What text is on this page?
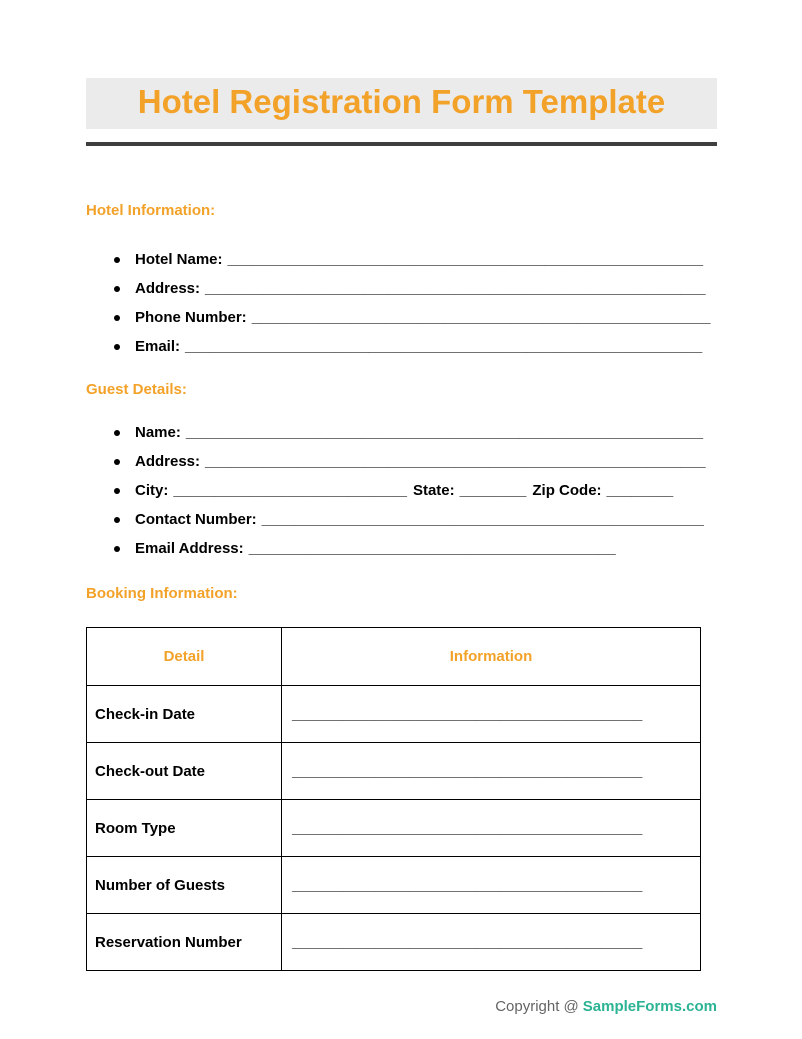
Hotel Registration Form Template
Hotel Information:
Hotel Name: _________________________________________________________
Address: ____________________________________________________________
Phone Number: _______________________________________________________
Email: ______________________________________________________________
Guest Details:
Name: ______________________________________________________________
Address: ____________________________________________________________
City: ____________________________ State: ________ Zip Code: ________
Contact Number: _____________________________________________________
Email Address: ____________________________________________
Booking Information:
Detail	Information
Check-in Date	__________________________________________
Check-out Date	__________________________________________
Room Type	__________________________________________
Number of Guests	__________________________________________
Reservation Number	__________________________________________
Copyright @ SampleForms.com
